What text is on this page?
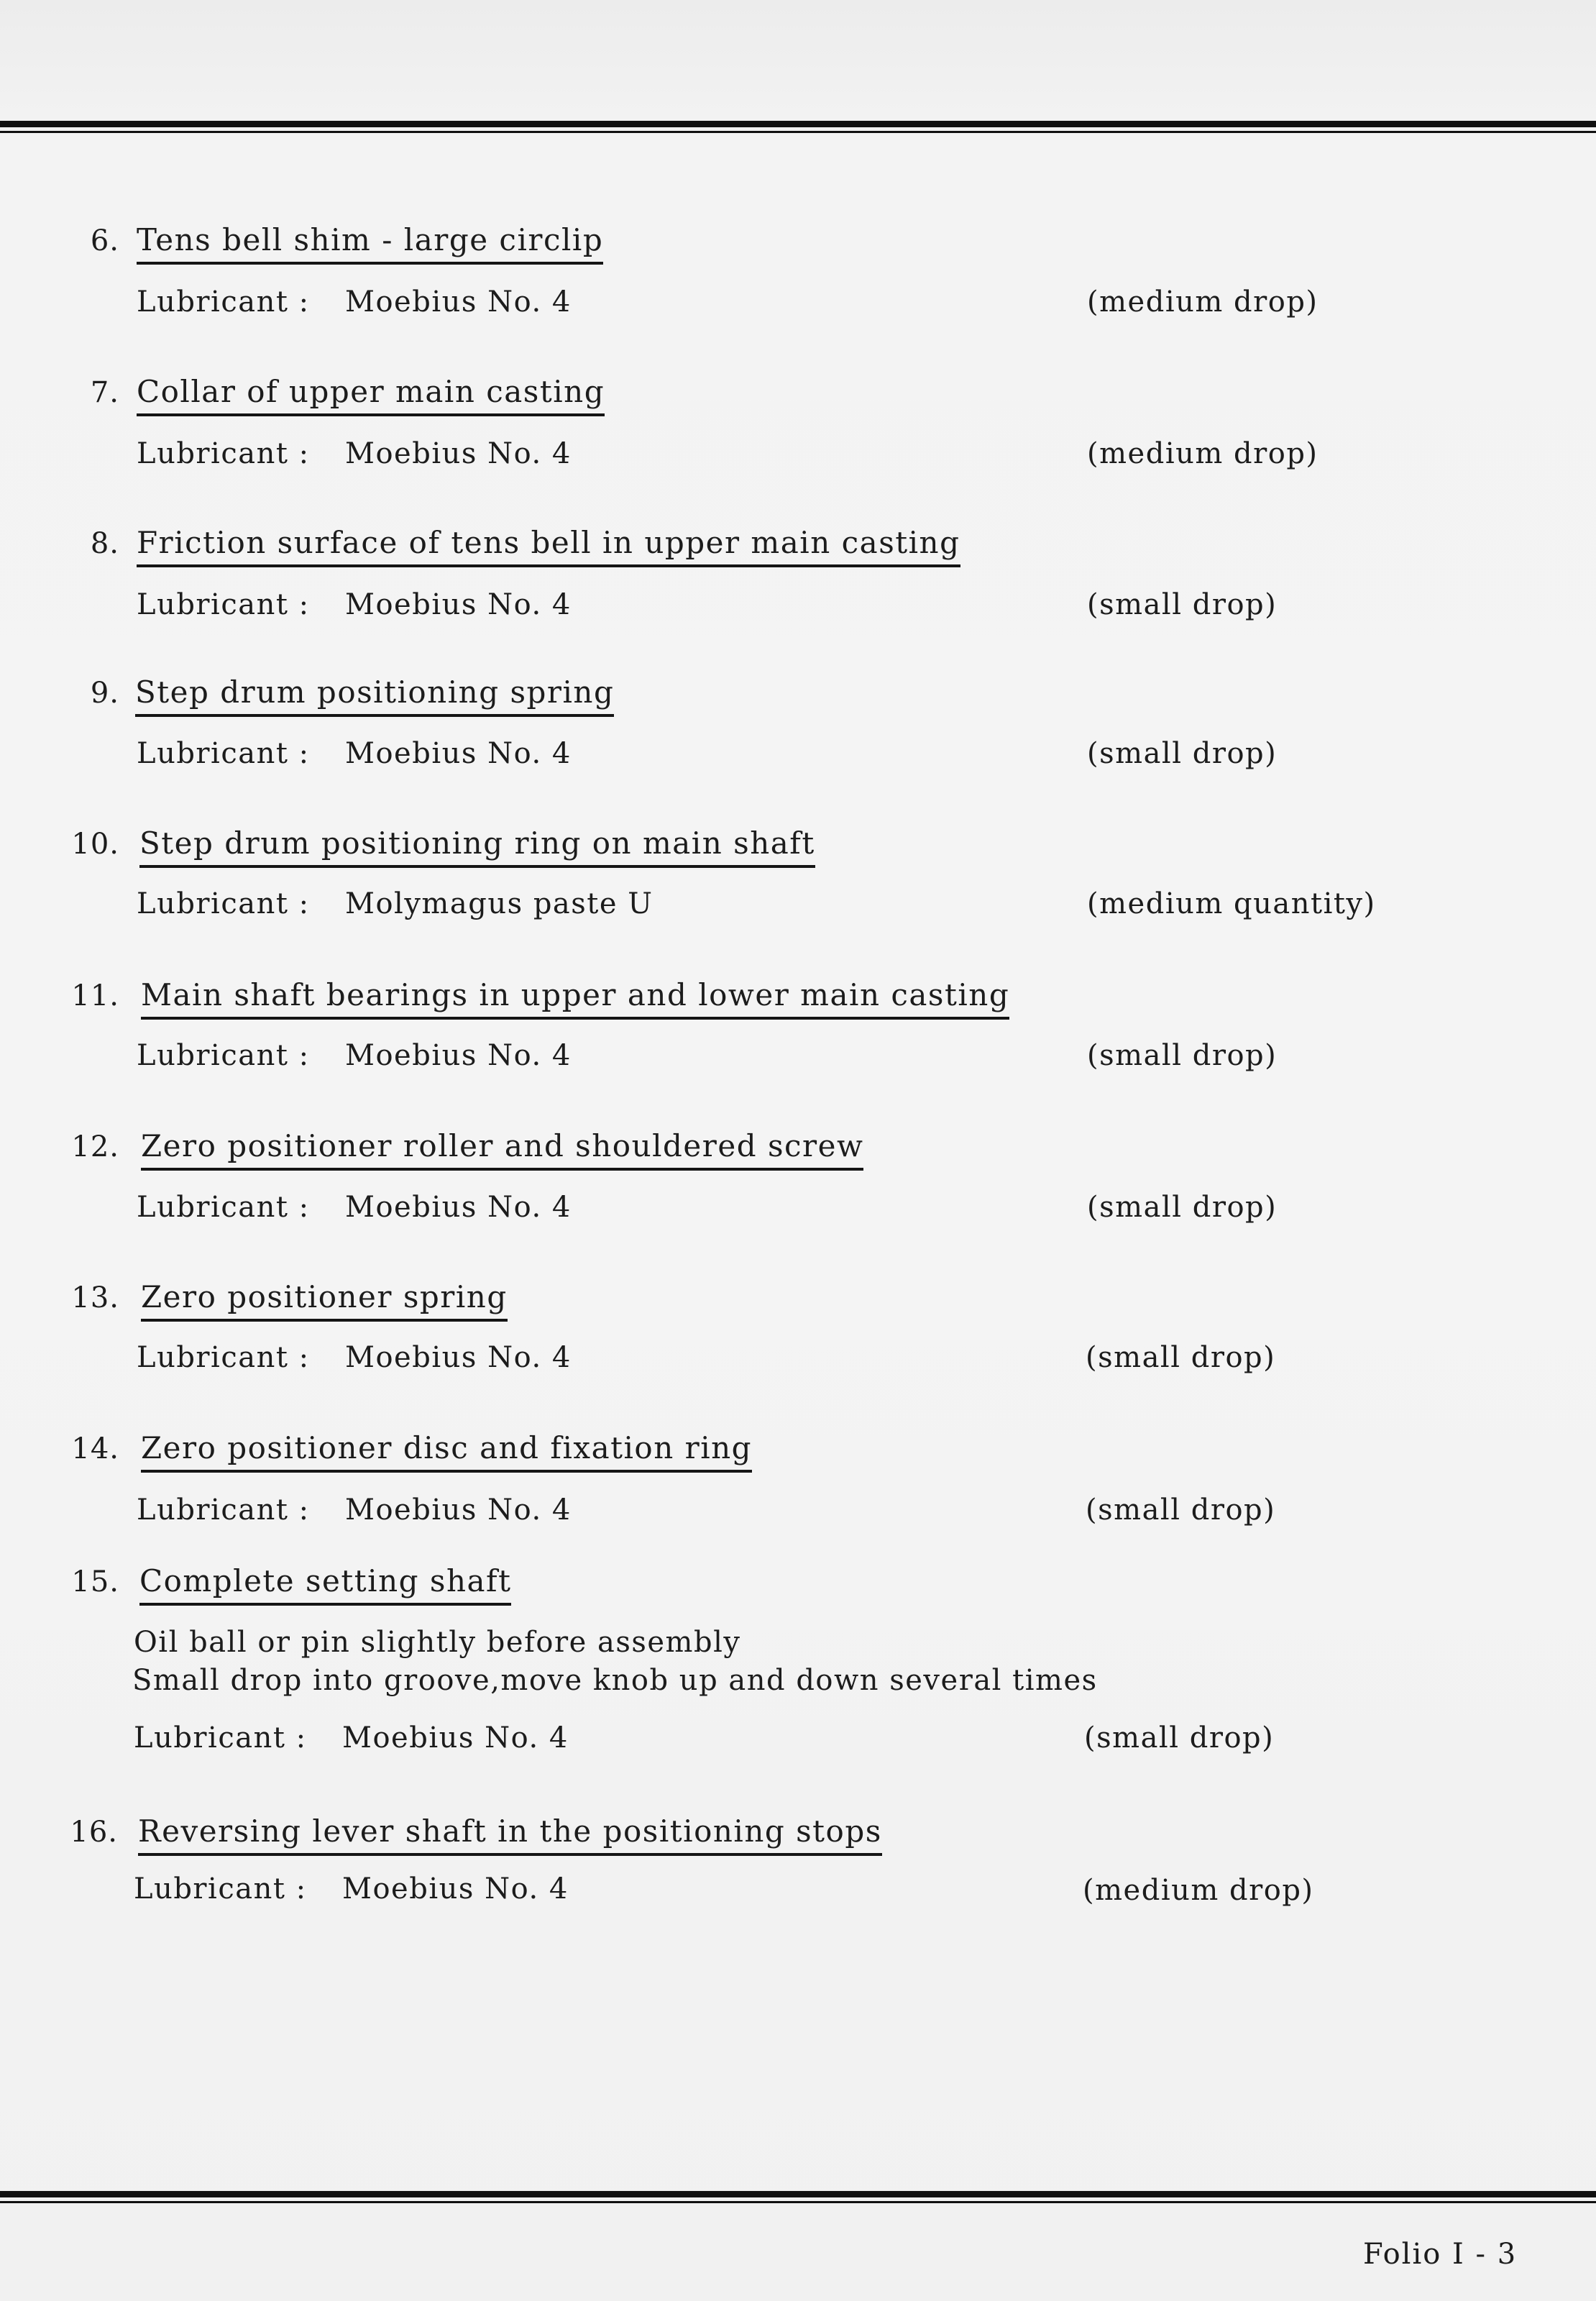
6. Tens bell shim - large circlip
Lubricant : Moebius No. 4	(medium drop)
7. Collar of upper main casting
Lubricant : Moebius No. 4	(medium drop)
8. Friction surface of tens bell in upper main casting
Lubricant : Moebius No. 4	(small drop)
9. Step drum positioning spring
Lubricant : Moebius No. 4	(small drop)
10. Step drum positioning ring on main shaft
Lubricant : Molymagus paste U	(medium quantity)
11. Main shaft bearings in upper and lower main casting
Lubricant : Moebius No. 4	(small drop)
12. Zero positioner roller and shouldered screw
Lubricant : Moebius No. 4	(small drop)
13. Zero positioner spring
Lubricant : Moebius No. 4	(small drop)
14. Zero positioner disc and fixation ring
Lubricant : Moebius No. 4	(small drop)
15. Complete setting shaft
Oil ball or pin slightly before assembly
Small drop into groove,move knob up and down several times
Lubricant : Moebius No. 4	(small drop)
16. Reversing lever shaft in the positioning stops
Lubricant : Moebius No. 4	(medium drop)
Folio I - 3
